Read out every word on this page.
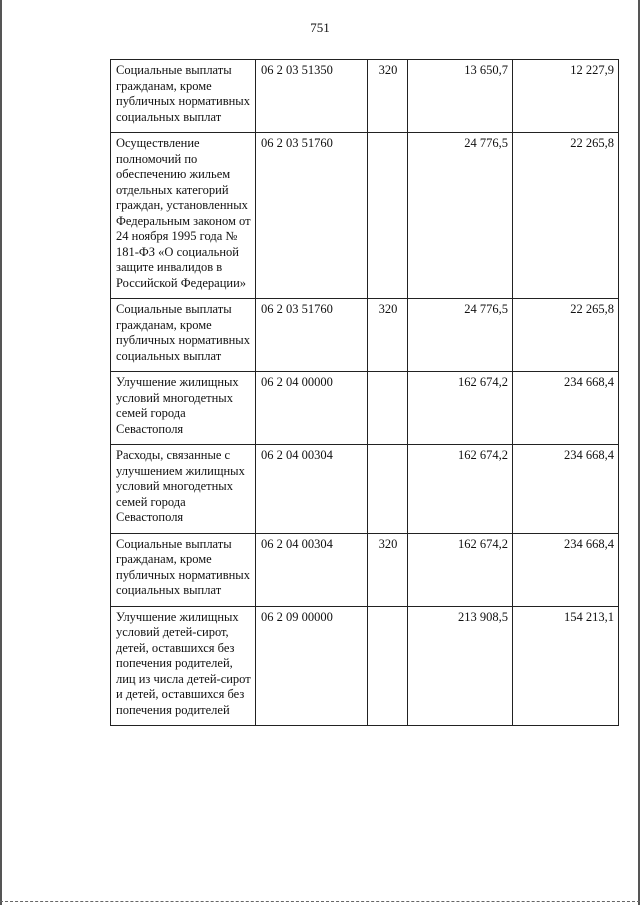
751
Социальные выплаты гражданам, кроме публичных нормативных социальных выплат	06 2 03 51350	320	13 650,7	12 227,9
Осуществление полномочий по обеспечению жильем отдельных категорий граждан, установленных Федеральным законом от 24 ноября 1995 года № 181-ФЗ «О социальной защите инвалидов в Российской Федерации»	06 2 03 51760		24 776,5	22 265,8
Социальные выплаты гражданам, кроме публичных нормативных социальных выплат	06 2 03 51760	320	24 776,5	22 265,8
Улучшение жилищных условий многодетных семей города Севастополя	06 2 04 00000		162 674,2	234 668,4
Расходы, связанные с улучшением жилищных условий многодетных семей города Севастополя	06 2 04 00304		162 674,2	234 668,4
Социальные выплаты гражданам, кроме публичных нормативных социальных выплат	06 2 04 00304	320	162 674,2	234 668,4
Улучшение жилищных условий детей-сирот, детей, оставшихся без попечения родителей, лиц из числа детей-сирот и детей, оставшихся без попечения родителей	06 2 09 00000		213 908,5	154 213,1
